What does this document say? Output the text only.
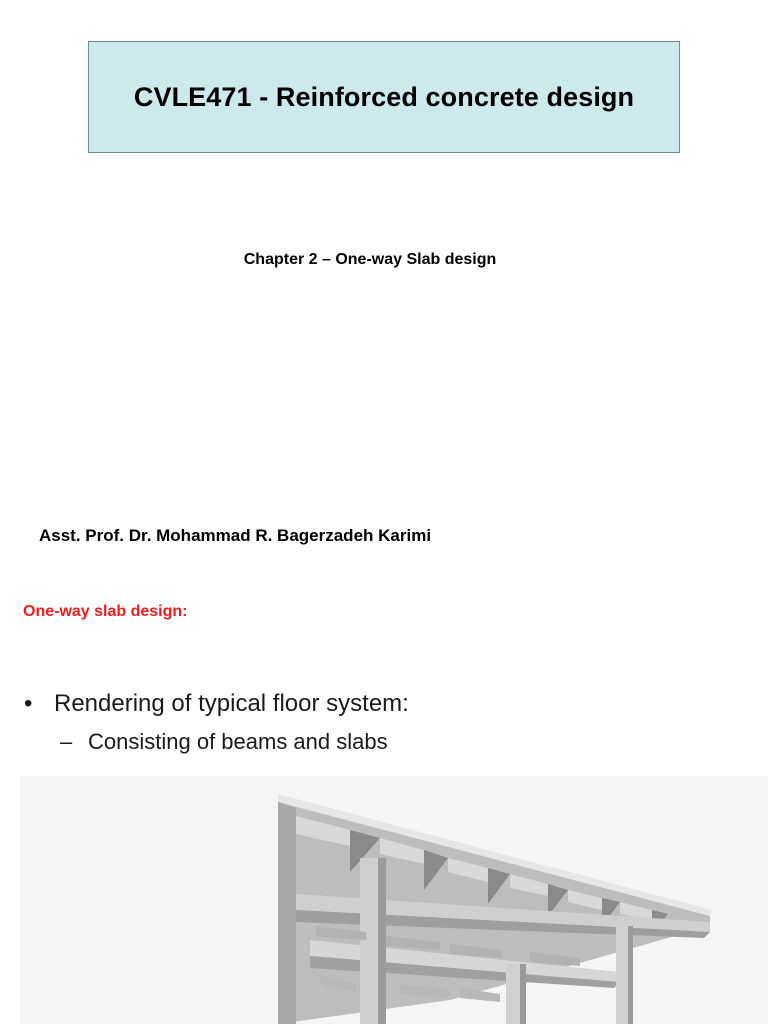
CVLE471 - Reinforced concrete design
Chapter 2 – One-way Slab design
Asst. Prof. Dr. Mohammad R. Bagerzadeh Karimi
One-way slab design:
• Rendering of typical floor system:
– Consisting of beams and slabs
